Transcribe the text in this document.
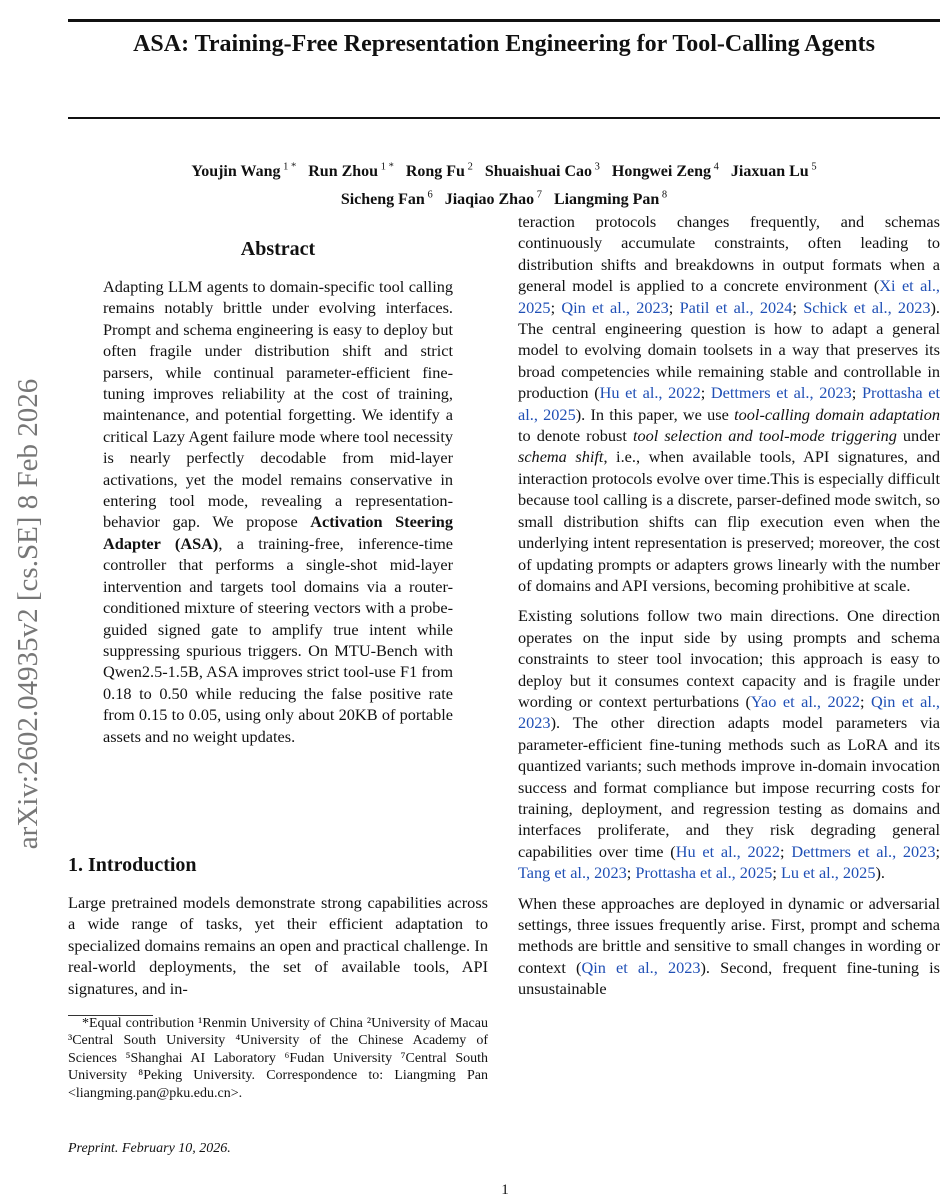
arXiv:2602.04935v2 [cs.SE] 8 Feb 2026
ASA: Training-Free Representation Engineering for Tool-Calling Agents
Youjin Wang $^{1 *}$ Run Zhou $^{1 *}$ Rong Fu $^2$ Shuaishuai Cao $^3$ Hongwei Zeng $^4$ Jiaxuan Lu $^5$
Sicheng Fan $^6$ Jiaqiao Zhao $^7$ Liangming Pan $^8$
Abstract
Adapting LLM agents to domain-specific tool calling remains notably brittle under evolving interfaces. Prompt and schema engineering is easy to deploy but often fragile under distribution shift and strict parsers, while continual parameter-efficient fine-tuning improves reliability at the cost of training, maintenance, and potential forgetting. We identify a critical Lazy Agent failure mode where tool necessity is nearly perfectly decodable from mid-layer activations, yet the model remains conservative in entering tool mode, revealing a representation-behavior gap. We propose Activation Steering Adapter (ASA), a training-free, inference-time controller that performs a single-shot mid-layer intervention and targets tool domains via a router-conditioned mixture of steering vectors with a probe-guided signed gate to amplify true intent while suppressing spurious triggers. On MTU-Bench with Qwen2.5-1.5B, ASA improves strict tool-use F1 from 0.18 to 0.50 while reducing the false positive rate from 0.15 to 0.05, using only about 20KB of portable assets and no weight updates.
1. Introduction
Large pretrained models demonstrate strong capabilities across a wide range of tasks, yet their efficient adaptation to specialized domains remains an open and practical challenge. In real-world deployments, the set of available tools, API signatures, and in-

teraction protocols changes frequently, and schemas continuously accumulate constraints, often leading to distribution shifts and breakdowns in output formats when a general model is applied to a concrete environment (Xi et al., 2025; Qin et al., 2023; Patil et al., 2024; Schick et al., 2023). The central engineering question is how to adapt a general model to evolving domain toolsets in a way that preserves its broad competencies while remaining stable and controllable in production (Hu et al., 2022; Dettmers et al., 2023; Prottasha et al., 2025). In this paper, we use tool-calling domain adaptation to denote robust tool selection and tool-mode triggering under schema shift, i.e., when available tools, API signatures, and interaction protocols evolve over time.This is especially difficult because tool calling is a discrete, parser-defined mode switch, so small distribution shifts can flip execution even when the underlying intent representation is preserved; moreover, the cost of updating prompts or adapters grows linearly with the number of domains and API versions, becoming prohibitive at scale.

Existing solutions follow two main directions. One direction operates on the input side by using prompts and schema constraints to steer tool invocation; this approach is easy to deploy but it consumes context capacity and is fragile under wording or context perturbations (Yao et al., 2022; Qin et al., 2023). The other direction adapts model parameters via parameter-efficient fine-tuning methods such as LoRA and its quantized variants; such methods improve in-domain invocation success and format compliance but impose recurring costs for training, deployment, and regression testing as domains and interfaces proliferate, and they risk degrading general capabilities over time (Hu et al., 2022; Dettmers et al., 2023; Tang et al., 2023; Prottasha et al., 2025; Lu et al., 2025).

When these approaches are deployed in dynamic or adversarial settings, three issues frequently arise. First, prompt and schema methods are brittle and sensitive to small changes in wording or context (Qin et al., 2023). Second, frequent fine-tuning is unsustainable

*Equal contribution ¹Renmin University of China ²University of Macau ³Central South University ⁴University of the Chinese Academy of Sciences ⁵Shanghai AI Laboratory ⁶Fudan University ⁷Central South University ⁸Peking University. Correspondence to: Liangming Pan <liangming.pan@pku.edu.cn>.
Preprint. February 10, 2026.
1
